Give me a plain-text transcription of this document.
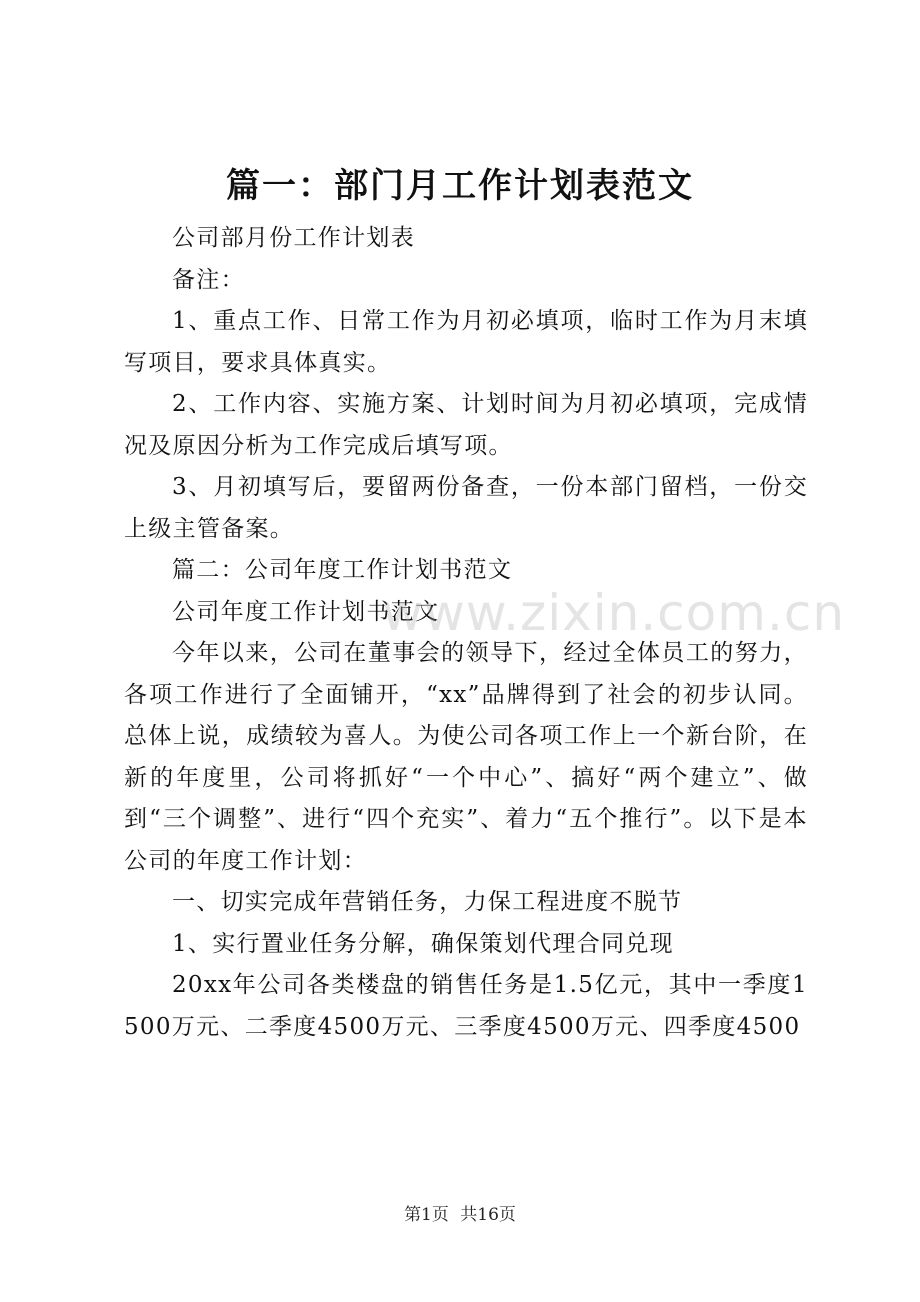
篇一：部门月工作计划表范文

公司部月份工作计划表

备注：

1、重点工作、日常工作为月初必填项，临时工作为月末填写项目，要求具体真实。

2、工作内容、实施方案、计划时间为月初必填项，完成情况及原因分析为工作完成后填写项。

3、月初填写后，要留两份备查，一份本部门留档，一份交上级主管备案。

篇二：公司年度工作计划书范文

公司年度工作计划书范文

今年以来，公司在董事会的领导下，经过全体员工的努力，各项工作进行了全面铺开，“xx”品牌得到了社会的初步认同。总体上说，成绩较为喜人。为使公司各项工作上一个新台阶，在新的年度里，公司将抓好“一个中心”、搞好“两个建立”、做到“三个调整”、进行“四个充实”、着力“五个推行”。以下是本公司的年度工作计划：

一、切实完成年营销任务，力保工程进度不脱节

1、实行置业任务分解，确保策划代理合同兑现

20xx年公司各类楼盘的销售任务是1.5亿元，其中一季度1500万元、二季度4500万元、三季度4500万元、四季度4500

www.zixin.com.cn
第1页 共16页
